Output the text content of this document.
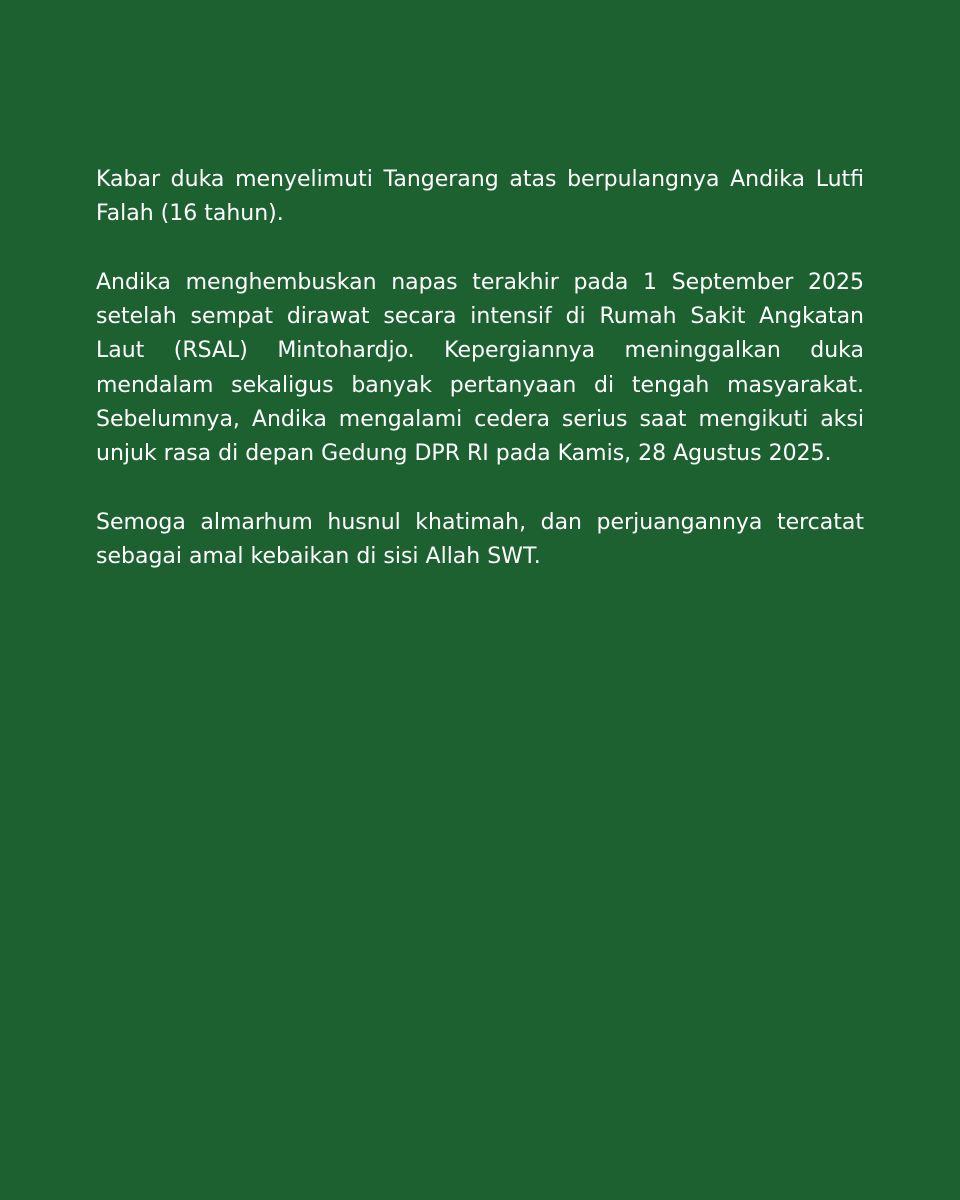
Kabar duka menyelimuti Tangerang atas berpulangnya Andika Lutfi Falah (16 tahun).

Andika menghembuskan napas terakhir pada 1 September 2025 setelah sempat dirawat secara intensif di Rumah Sakit Angkatan Laut (RSAL) Mintohardjo. Kepergiannya meninggalkan duka mendalam sekaligus banyak pertanyaan di tengah masyarakat. Sebelumnya, Andika mengalami cedera serius saat mengikuti aksi unjuk rasa di depan Gedung DPR RI pada Kamis, 28 Agustus 2025.

Semoga almarhum husnul khatimah, dan perjuangannya tercatat sebagai amal kebaikan di sisi Allah SWT.
